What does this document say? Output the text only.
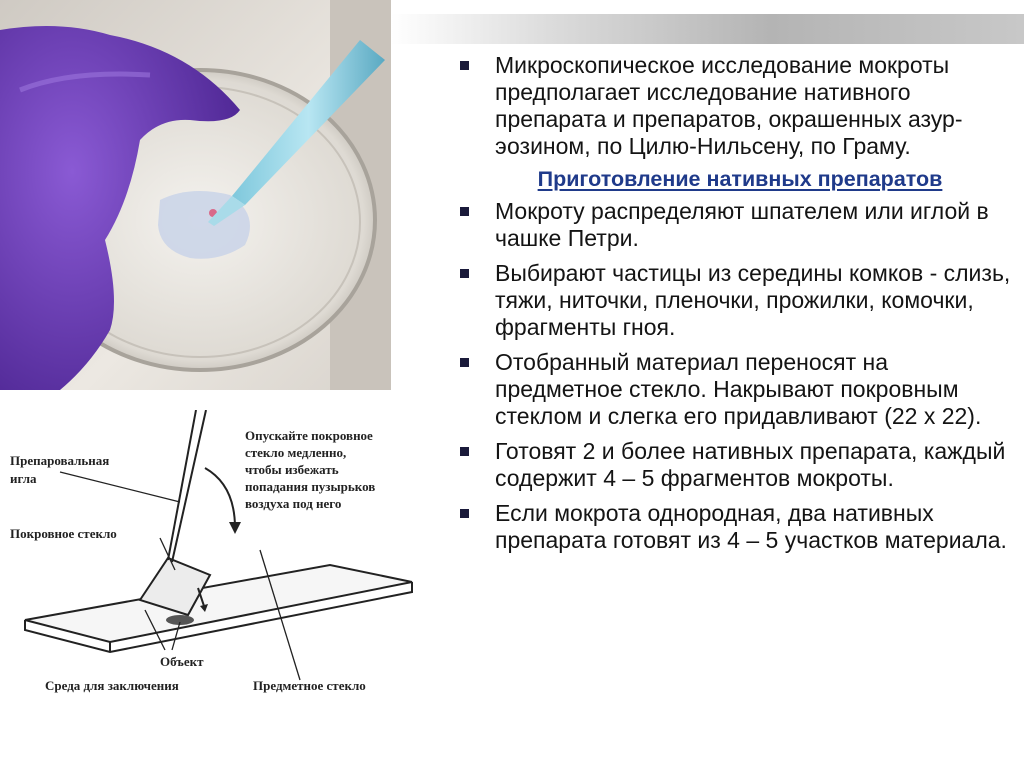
Препаровальная
игла
Покровное стекло
Опускайте покровное
стекло медленно,
чтобы избежать
попадания пузырьков
воздуха под него
Объект
Среда для заключения	Предметное стекло
Микроскопическое исследование мокроты предполагает исследование нативного препарата и препаратов, окрашенных азур-эозином, по Цилю-Нильсену, по Граму.
Приготовление нативных препаратов
Мокроту распределяют шпателем или иглой в чашке Петри.
Выбирают частицы из середины комков - слизь, тяжи, ниточки, пленочки, прожилки, комочки, фрагменты гноя.
Отобранный материал переносят на предметное стекло. Накрывают покровным стеклом и слегка его придавливают (22 х 22).
Готовят 2 и более нативных препарата, каждый содержит 4 – 5 фрагментов мокроты.
Если мокрота однородная, два нативных препарата готовят из 4 – 5 участков материала.
